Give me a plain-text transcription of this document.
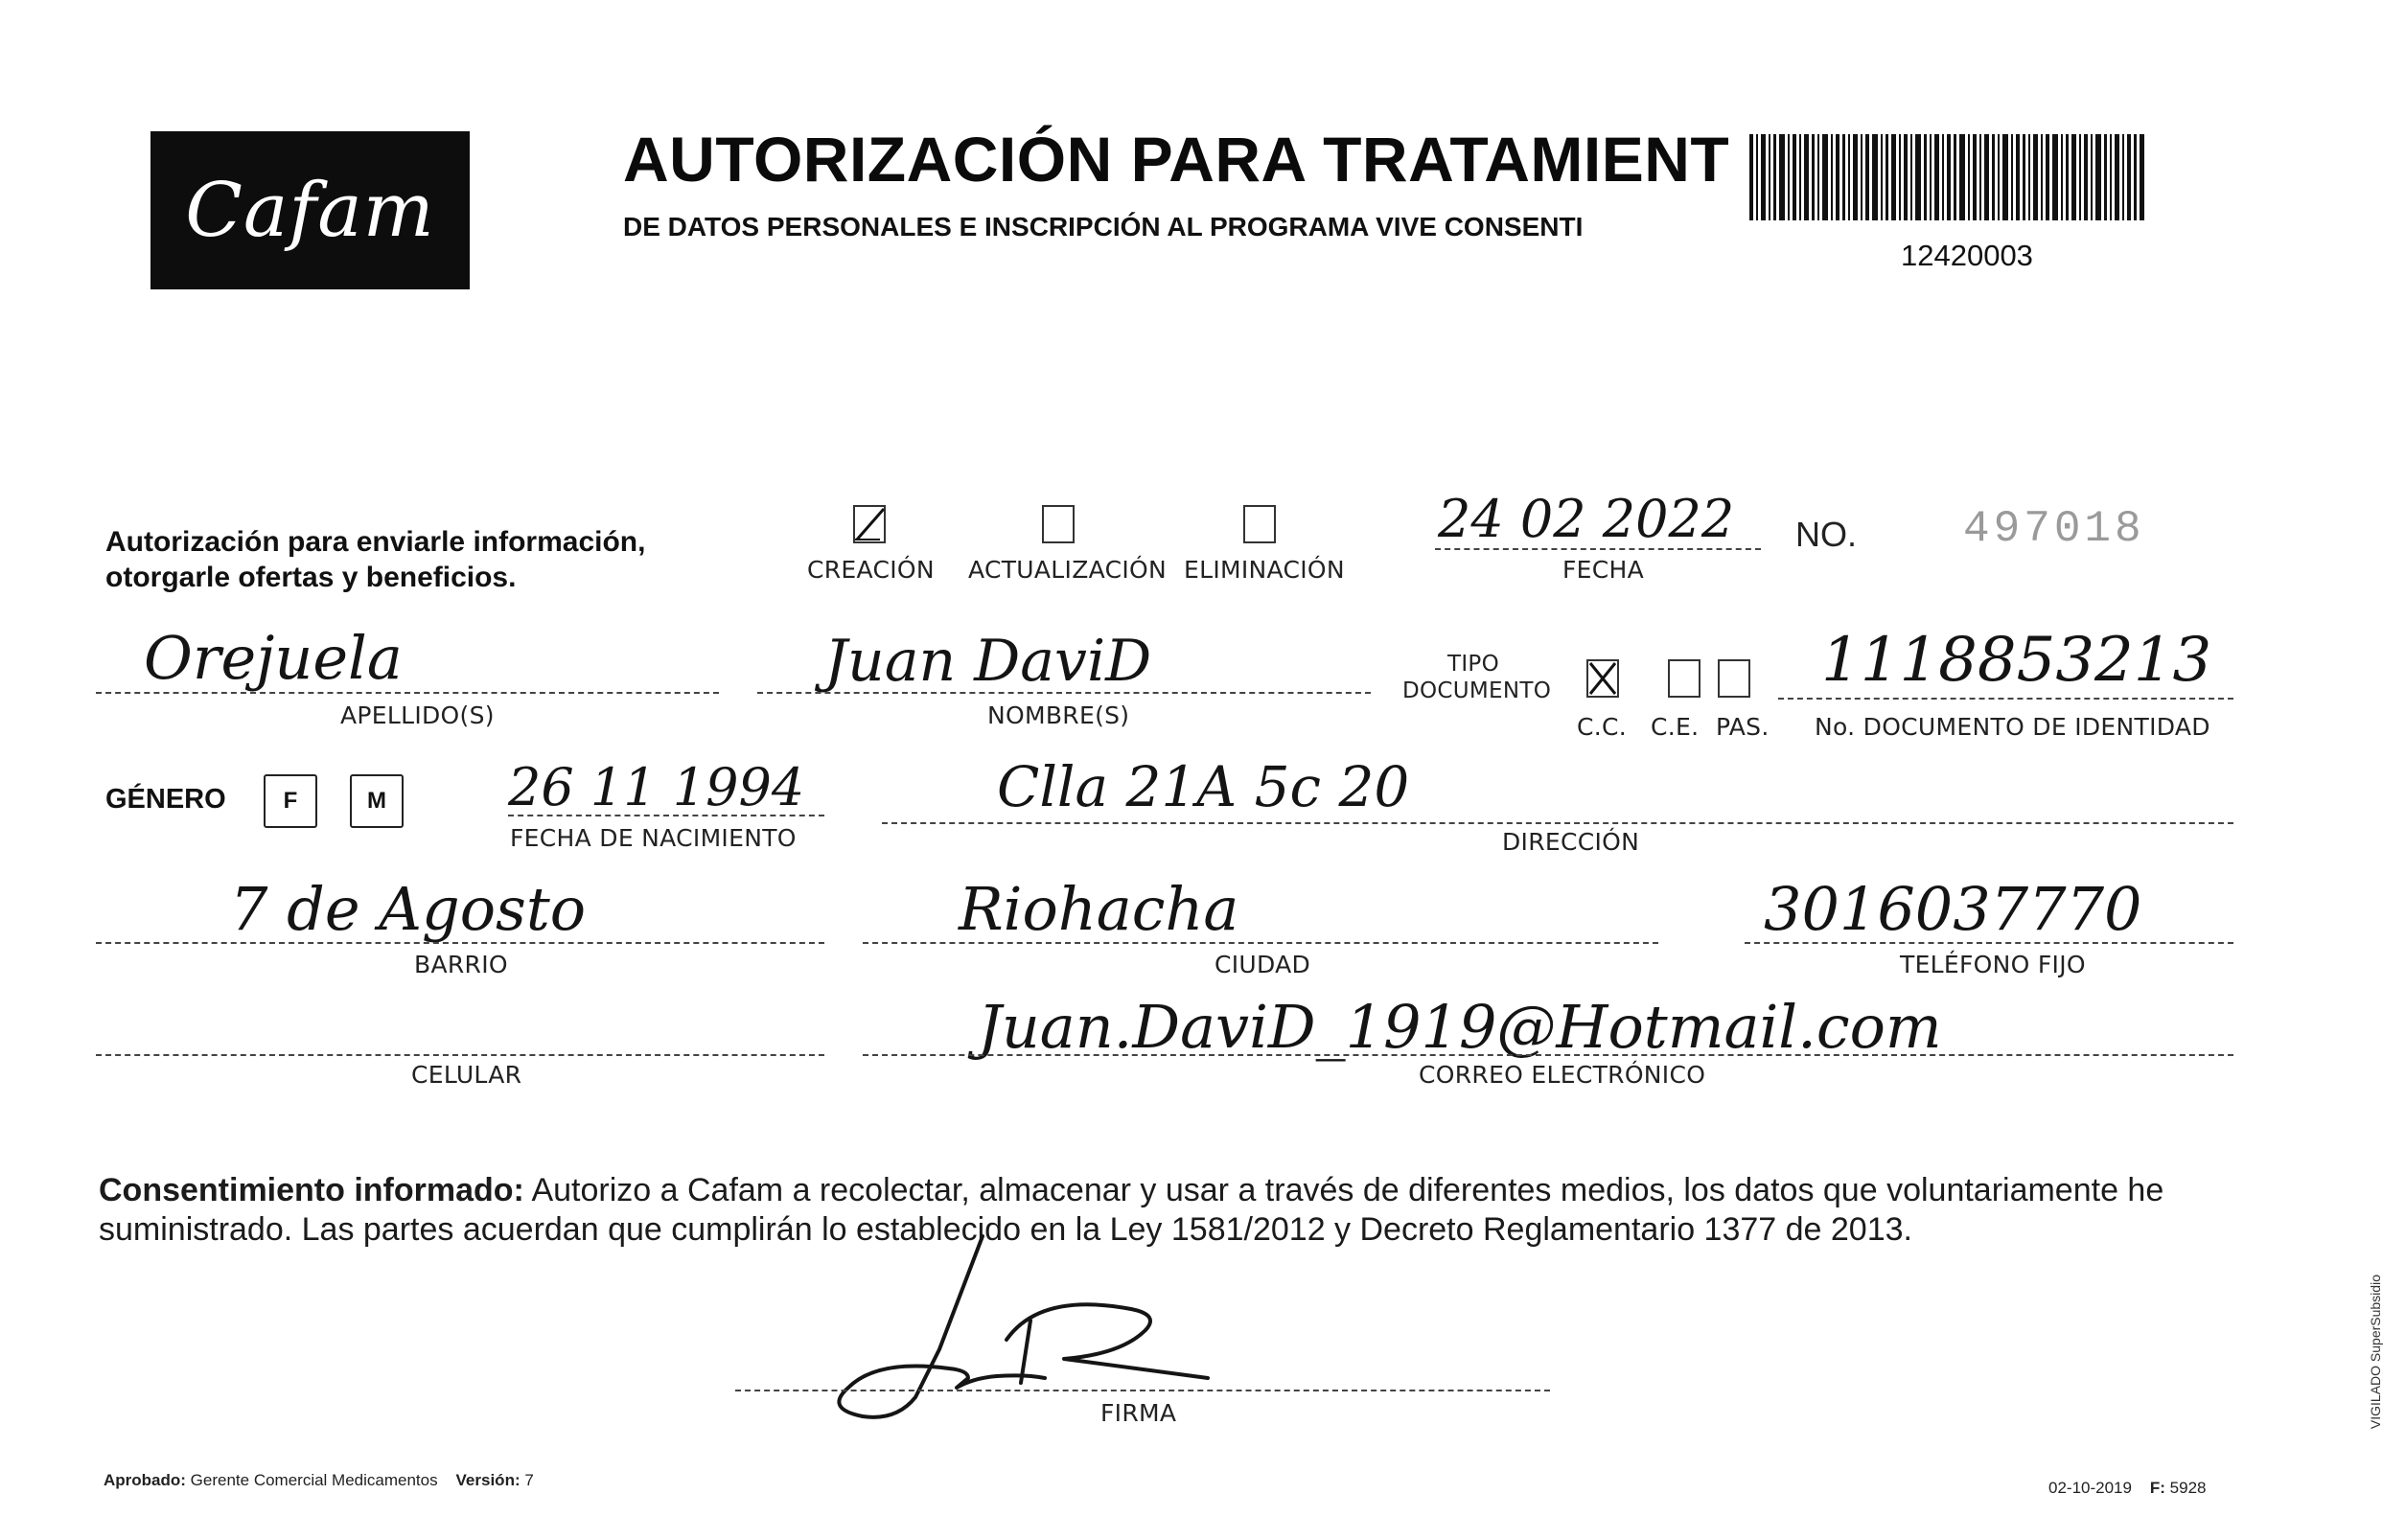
Cafam
AUTORIZACIÓN PARA TRATAMIENT
DE DATOS PERSONALES E INSCRIPCIÓN AL PROGRAMA VIVE CONSENTI
12420003
Autorización para enviarle información,
otorgarle ofertas y beneficios.	CREACIÓN ACTUALIZACIÓN ELIMINACIÓN
24 02 2022
FECHA
NO. 497018
Orejuela
APELLIDO(S)
Juan DaviD
NOMBRE(S)
TIPO
DOCUMENTO
C.C. C.E. PAS.
1118853213
No. DOCUMENTO DE IDENTIDAD
GÉNERO	F	M	26 11 1994
FECHA DE NACIMIENTO
Clla 21A 5c 20
DIRECCIÓN
7 de Agosto
BARRIO
Riohacha
CIUDAD
3016037770
TELÉFONO FIJO
CELULAR
Juan.DaviD_1919@Hotmail.com
CORREO ELECTRÓNICO
Consentimiento informado: Autorizo a Cafam a recolectar, almacenar y usar a través de diferentes medios, los datos que voluntariamente he suministrado. Las partes acuerdan que cumplirán lo establecido en la Ley 1581/2012 y Decreto Reglamentario 1377 de 2013.
FIRMA
Aprobado: Gerente Comercial Medicamentos Versión: 7	02-10-2019 F: 5928
VIGILADO SuperSubsidio
